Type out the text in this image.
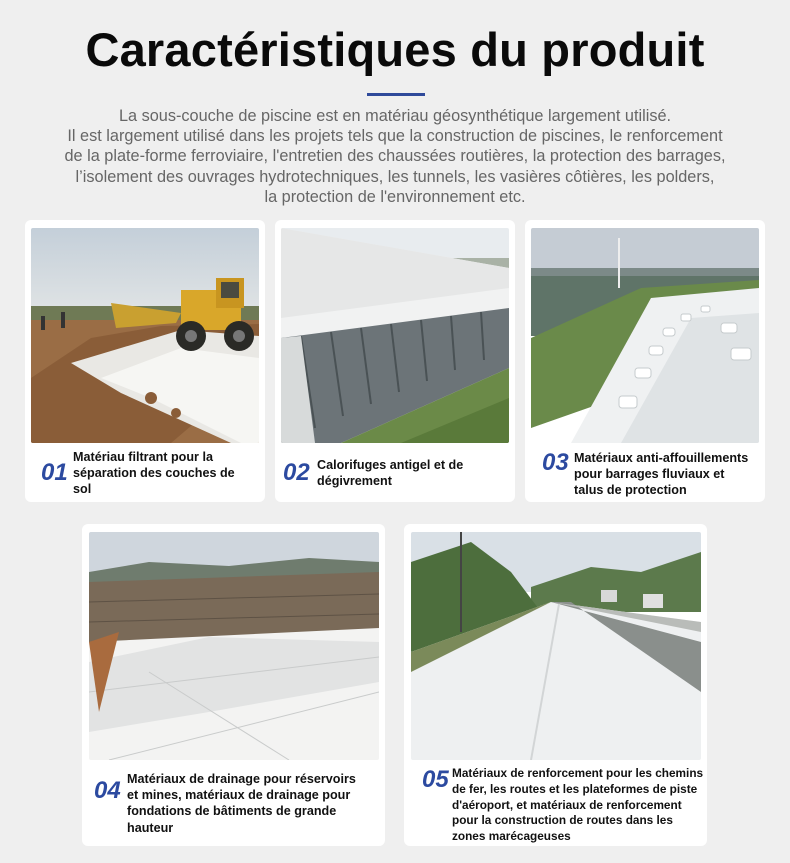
Caractéristiques du produit
La sous-couche de piscine est en matériau géosynthétique largement utilisé.
Il est largement utilisé dans les projets tels que la construction de piscines, le renforcement
de la plate-forme ferroviaire, l'entretien des chaussées routières, la protection des barrages,
l’isolement des ouvrages hydrotechniques, les tunnels, les vasières côtières, les polders,
la protection de l'environnement etc.
01
Matériau filtrant pour la
séparation des couches de
sol
02 Calorifuges antigel et de
dégivrement
03 Matériaux anti-affouillements
pour barrages fluviaux et
talus de protection
04 Matériaux de drainage pour réservoirs
et mines, matériaux de drainage pour
fondations de bâtiments de grande
hauteur
05 Matériaux de renforcement pour les chemins
de fer, les routes et les plateformes de piste
d'aéroport, et matériaux de renforcement
pour la construction de routes dans les
zones marécageuses
